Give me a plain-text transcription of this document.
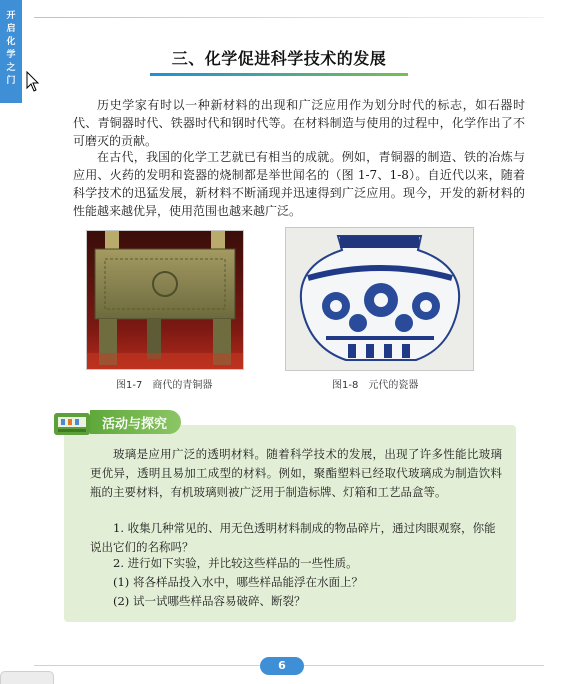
开
启
化
学
之
门
三、化学促进科学技术的发展

历史学家有时以一种新材料的出现和广泛应用作为划分时代的标志，如石器时代、青铜器时代、铁器时代和钢时代等。在材料制造与使用的过程中，化学作出了不可磨灭的贡献。

在古代，我国的化学工艺就已有相当的成就。例如，青铜器的制造、铁的冶炼与应用、火药的发明和瓷器的烧制都是举世闻名的（图 1-7、1-8）。自近代以来，随着科学技术的迅猛发展，新材料不断涌现并迅速得到广泛应用。现今，开发的新材料的性能越来越优异，使用范围也越来越广泛。

图1-7　商代的青铜器	图1-8　元代的瓷器
活动与探究

玻璃是应用广泛的透明材料。随着科学技术的发展，出现了许多性能比玻璃更优异，透明且易加工成型的材料。例如，聚酯塑料已经取代玻璃成为制造饮料瓶的主要材料，有机玻璃则被广泛用于制造标牌、灯箱和工艺品盒等。

1. 收集几种常见的、用无色透明材料制成的物品碎片，通过肉眼观察，你能说出它们的名称吗？

2. 进行如下实验，并比较这些样品的一些性质。

(1) 将各样品投入水中，哪些样品能浮在水面上？

(2) 试一试哪些样品容易破碎、断裂？

6
